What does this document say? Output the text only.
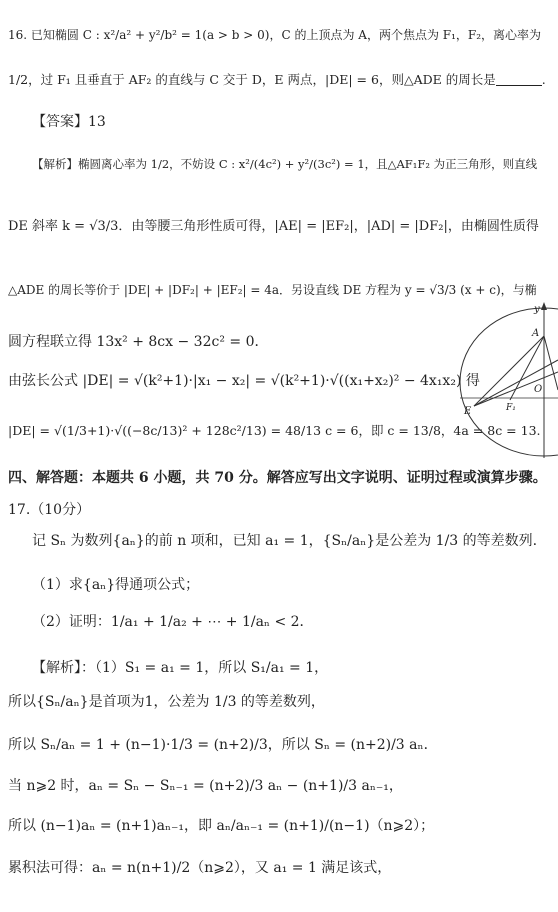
16. 已知椭圆 C : x²/a² + y²/b² = 1(a > b > 0)，C 的上顶点为 A，两个焦点为 F₁，F₂，离心率为
1/2，过 F₁ 且垂直于 AF₂ 的直线与 C 交于 D，E 两点，|DE| = 6，则△ADE 的周长是	.
【答案】13
【解析】椭圆离心率为 1/2，不妨设 C : x²/(4c²) + y²/(3c²) = 1，且△AF₁F₂ 为正三角形，则直线
DE 斜率 k = √3/3．由等腰三角形性质可得，|AE| = |EF₂|，|AD| = |DF₂|，由椭圆性质得
△ADE 的周长等价于 |DE| + |DF₂| + |EF₂| = 4a．另设直线 DE 方程为 y = √3/3 (x + c)，与椭
圆方程联立得 13x² + 8cx − 32c² = 0．
由弦长公式 |DE| = √(k²+1)·|x₁ − x₂| = √(k²+1)·√((x₁+x₂)² − 4x₁x₂) 得
|DE| = √(1/3+1)·√((−8c/13)² + 128c²/13) = 48/13 c = 6，即 c = 13/8，4a = 8c = 13.
y
A
O
E	F₁
四、解答题：本题共 6 小题，共 70 分。解答应写出文字说明、证明过程或演算步骤。
17.（10分）
记 Sₙ 为数列{aₙ}的前 n 项和，已知 a₁ = 1，{Sₙ/aₙ}是公差为 1/3 的等差数列.
（1）求{aₙ}得通项公式；
（2）证明：1/a₁ + 1/a₂ + ⋯ + 1/aₙ < 2．
【解析】：（1）S₁ = a₁ = 1，所以 S₁/a₁ = 1，
所以{Sₙ/aₙ}是首项为1，公差为 1/3 的等差数列，
所以 Sₙ/aₙ = 1 + (n−1)·1/3 = (n+2)/3，所以 Sₙ = (n+2)/3 aₙ．
当 n⩾2 时，aₙ = Sₙ − Sₙ₋₁ = (n+2)/3 aₙ − (n+1)/3 aₙ₋₁，
所以 (n−1)aₙ = (n+1)aₙ₋₁，即 aₙ/aₙ₋₁ = (n+1)/(n−1)（n⩾2）；
累积法可得：aₙ = n(n+1)/2（n⩾2），又 a₁ = 1 满足该式，
